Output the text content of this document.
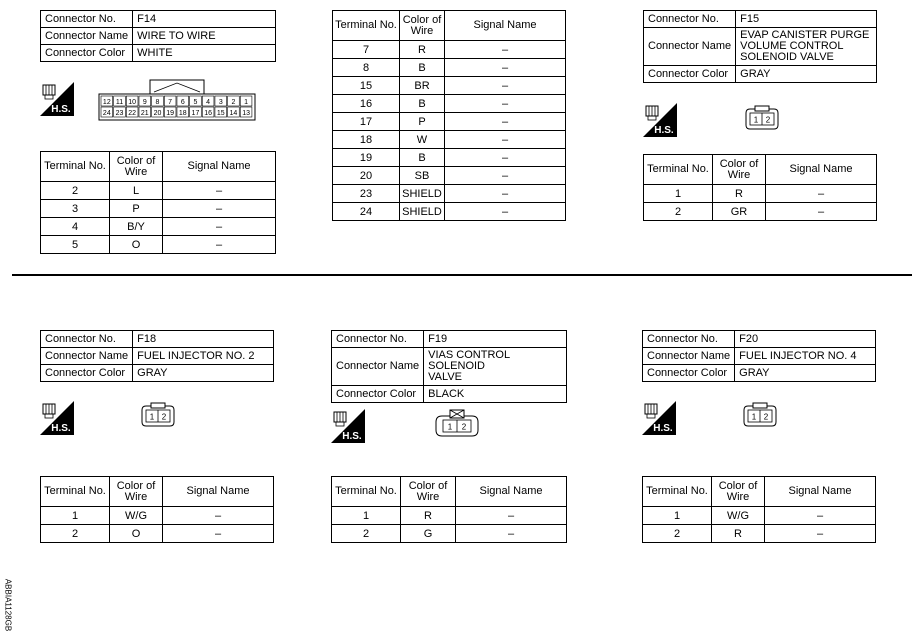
Connector No.	F14
Connector Name	WIRE TO WIRE
Connector Color	WHITE
H.S.
12 11 10 9 8 7 6 5 4 3 2 1
24 23 22 21 20 19 18 17 16 15 14 13
Terminal No.	Color of Wire	Signal Name
2	L	–
3	P	–
4	B/Y	–
5	O	–
Terminal No.	Color of Wire	Signal Name
7	R	–
8	B	–
15	BR	–
16	B	–
17	P	–
18	W	–
19	B	–
20	SB	–
23	SHIELD	–
24	SHIELD	–
Connector No.	F15
Connector Name	EVAP CANISTER PURGE
VOLUME CONTROL
SOLENOID VALVE

Connector Color	GRAY
H.S.
1 2
Terminal No.	Color of Wire	Signal Name
1	R	–
2	GR	–
Connector No.	F18
Connector Name	FUEL INJECTOR NO. 2
Connector Color	GRAY
H.S.
1 2
Terminal No.	Color of Wire	Signal Name
1	W/G	–
2	O	–
Connector No.	F19
Connector Name	VIAS CONTROL SOLENOID
VALVE

Connector Color	BLACK
H.S.
1 2
Terminal No.	Color of Wire	Signal Name
1	R	–
2	G	–
Connector No.	F20
Connector Name	FUEL INJECTOR NO. 4
Connector Color	GRAY
H.S.
1 2
Terminal No.	Color of Wire	Signal Name
1	W/G	–
2	R	–
ABBIA1128GB
